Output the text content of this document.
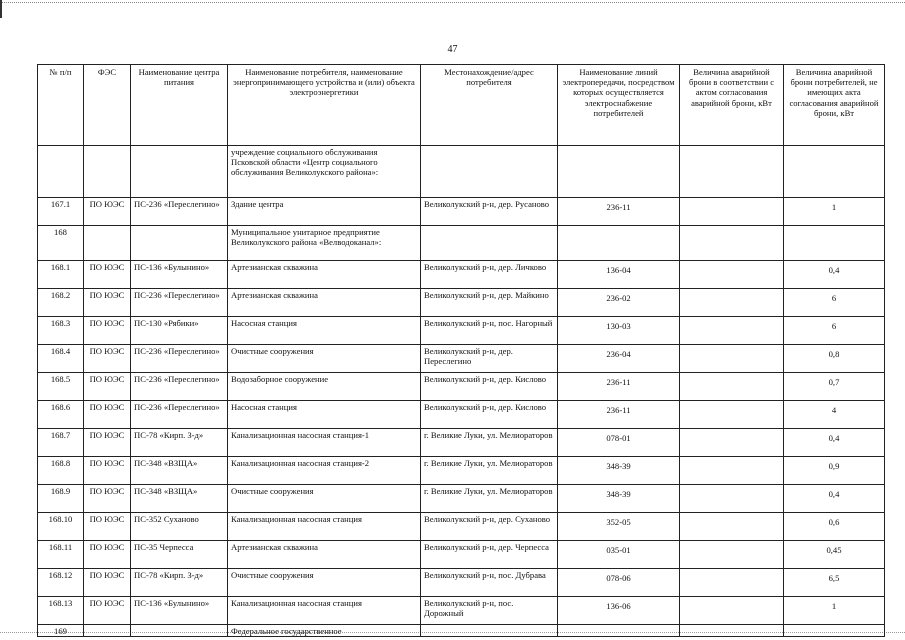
47
№ п/п	ФЭС	Наименование центра питания	Наименование потребителя, наименование энергопринимающего устройства и (или) объекта электроэнергетики	Местонахождение/адрес потребителя	Наименование линий электропередачи, посредством которых осуществляется электроснабжение потребителей	Величина аварийной брони в соответствии с актом согласования аварийной брони, кВт	Величина аварийной брони потребителей, не имеющих акта согласования аварийной брони, кВт
			учреждение социального обслуживания Псковской области «Центр социального обслуживания Великолукского района»:				
167.1	ПО ЮЭС	ПС-236 «Переслегино»	Здание центра	Великолукский р-н, дер. Русаново	236-11		1
168			Муниципальное унитарное предприятие Великолукского района «Велводоканал»:				
168.1	ПО ЮЭС	ПС-136 «Булынино»	Артезианская скважина	Великолукский р-н, дер. Личково	136-04		0,4
168.2	ПО ЮЭС	ПС-236 «Переслегино»	Артезианская скважина	Великолукский р-н, дер. Майкино	236-02		6
168.3	ПО ЮЭС	ПС-130 «Рябики»	Насосная станция	Великолукский р-н, пос. Нагорный	130-03		6
168.4	ПО ЮЭС	ПС-236 «Переслегино»	Очистные сооружения	Великолукский р-н, дер. Переслегино	236-04		0,8
168.5	ПО ЮЭС	ПС-236 «Переслегино»	Водозаборное сооружение	Великолукский р-н, дер. Кислово	236-11		0,7
168.6	ПО ЮЭС	ПС-236 «Переслегино»	Насосная станция	Великолукский р-н, дер. Кислово	236-11		4
168.7	ПО ЮЭС	ПС-78 «Кирп. З-д»	Канализационная насосная станция-1	г. Великие Луки, ул. Мелиораторов	078-01		0,4
168.8	ПО ЮЭС	ПС-348 «ВЗЩА»	Канализационная насосная станция-2	г. Великие Луки, ул. Мелиораторов	348-39		0,9
168.9	ПО ЮЭС	ПС-348 «ВЗЩА»	Очистные сооружения	г. Великие Луки, ул. Мелиораторов	348-39		0,4
168.10	ПО ЮЭС	ПС-352 Суханово	Канализационная насосная станция	Великолукский р-н, дер. Суханово	352-05		0,6
168.11	ПО ЮЭС	ПС-35 Черпесса	Артезианская скважина	Великолукский р-н, дер. Черпесса	035-01		0,45
168.12	ПО ЮЭС	ПС-78 «Кирп. З-д»	Очистные сооружения	Великолукский р-н, пос. Дубрава	078-06		6,5
168.13	ПО ЮЭС	ПС-136 «Булынино»	Канализационная насосная станция	Великолукский р-н, пос. Дорожный	136-06		1
169			Федеральное государственное				
